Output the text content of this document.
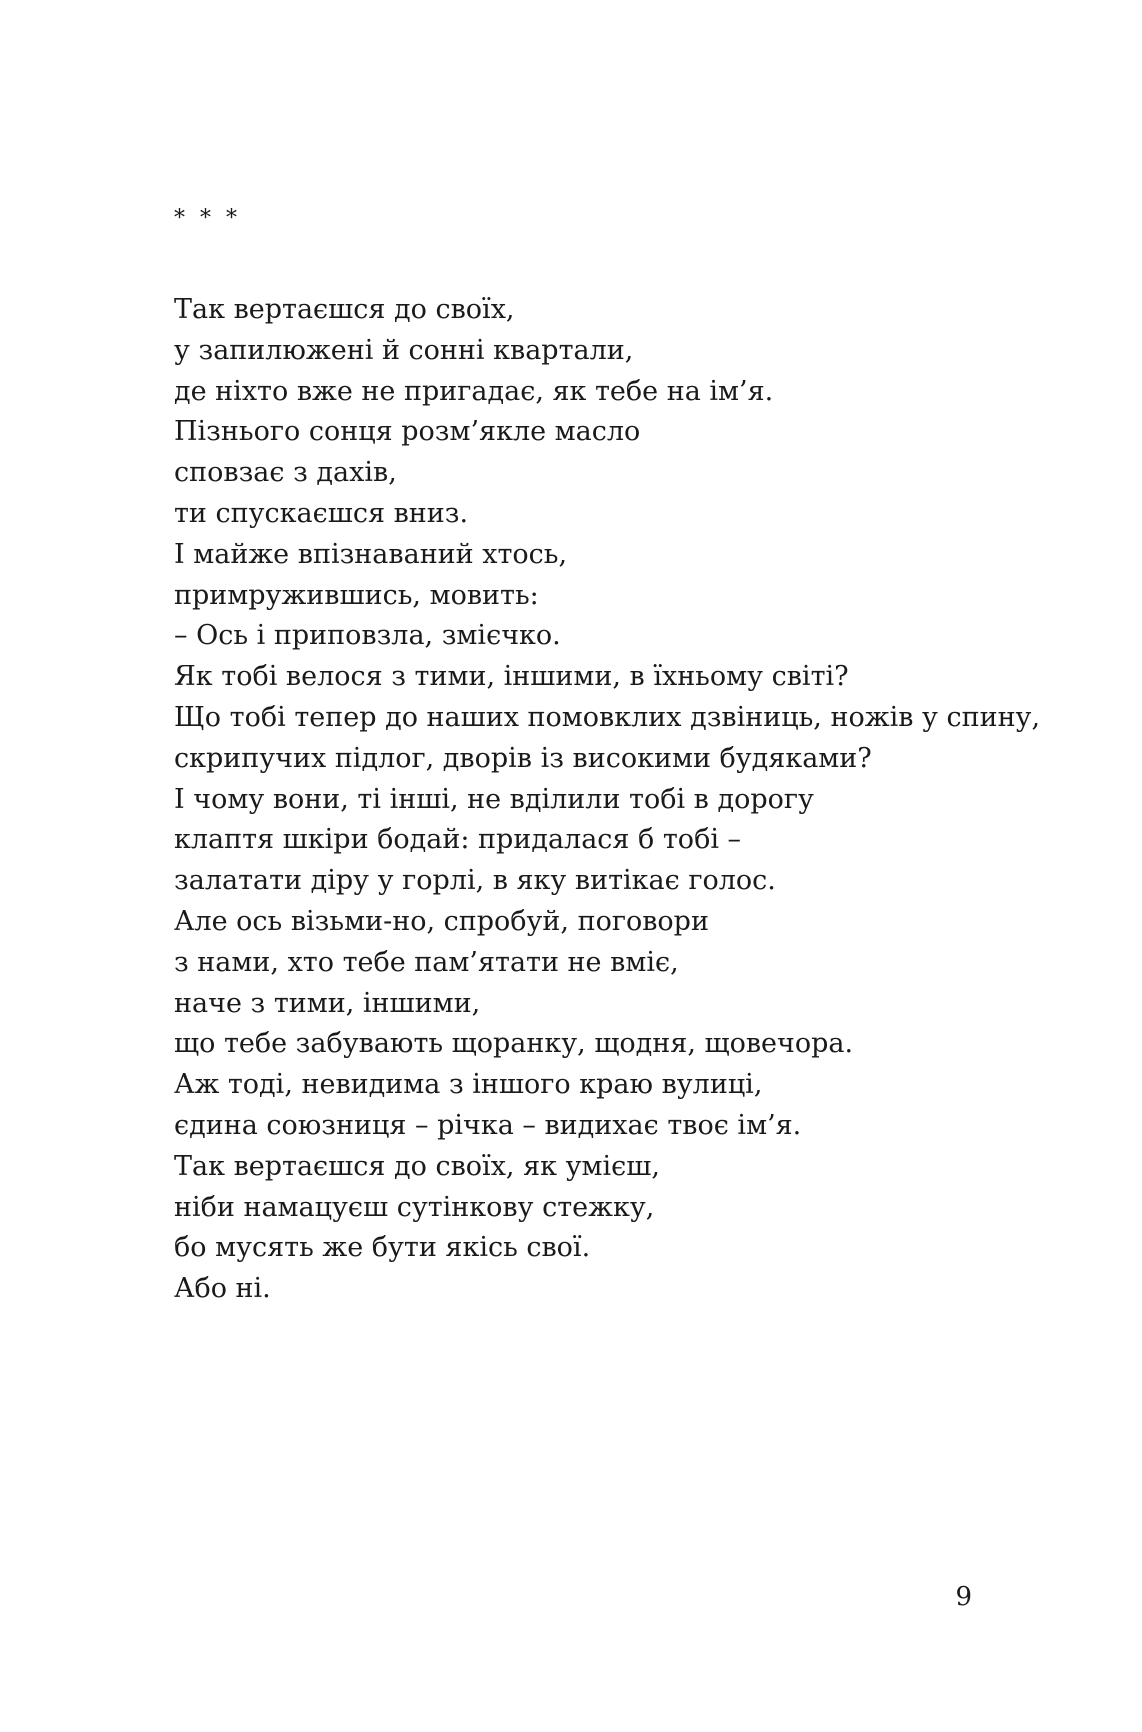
* * *
Так вертаєшся до своїх,
у запилюжені й сонні квартали,
де ніхто вже не пригадає, як тебе на ім’я.
Пізнього сонця розм’якле масло
сповзає з дахів,
ти спускаєшся вниз.
І майже впізнаваний хтось,
примружившись, мовить:
– Ось і приповзла, змієчко.
Як тобі велося з тими, іншими, в їхньому світі?
Що тобі тепер до наших помовклих дзвіниць, ножів у спину,
скрипучих підлог, дворів із високими будяками?
І чому вони, ті інші, не вділили тобі в дорогу
клаптя шкіри бодай: придалася б тобі –
залатати діру у горлі, в яку витікає голос.
Але ось візьми-но, спробуй, поговори
з нами, хто тебе пам’ятати не вміє,
наче з тими, іншими,
що тебе забувають щоранку, щодня, щовечора.
Аж тоді, невидима з іншого краю вулиці,
єдина союзниця – річка – видихає твоє ім’я.
Так вертаєшся до своїх, як умієш,
ніби намацуєш сутінкову стежку,
бо мусять же бути якісь свої.
Або ні.
9
